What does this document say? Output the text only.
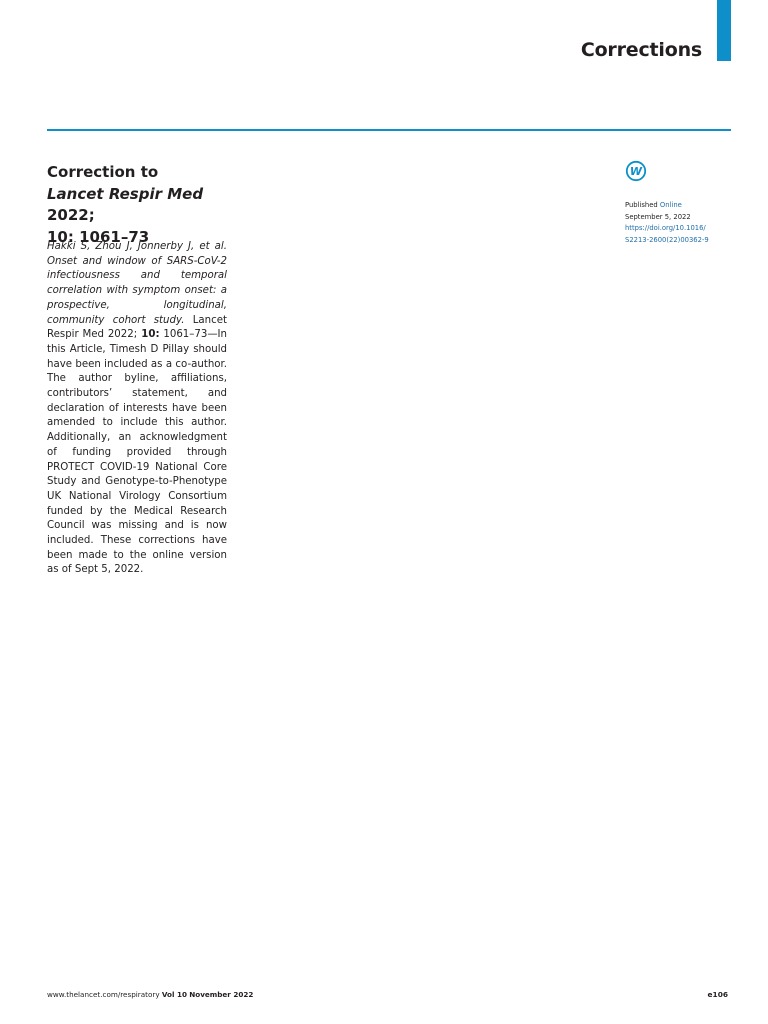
Corrections
Correction to
Lancet Respir Med 2022;
10: 1061–73
Hakki S, Zhou J, Jonnerby J, et al. Onset and window of SARS-CoV-2 infectiousness and temporal correlation with symptom onset: a prospective, longitudinal, community cohort study. Lancet Respir Med 2022; 10: 1061–73—In this Article, Timesh D Pillay should have been included as a co-author. The author byline, affiliations, contributors’ statement, and declaration of interests have been amended to include this author. Additionally, an acknowledgment of funding provided through PROTECT COVID-19 National Core Study and Genotype-to-Phenotype UK National Virology Consortium funded by the Medical Research Council was missing and is now included. These corrections have been made to the online version as of Sept 5, 2022.
W
Published Online
September 5, 2022
https://doi.org/10.1016/
S2213-2600(22)00362-9
www.thelancet.com/respiratory Vol 10 November 2022	e106
